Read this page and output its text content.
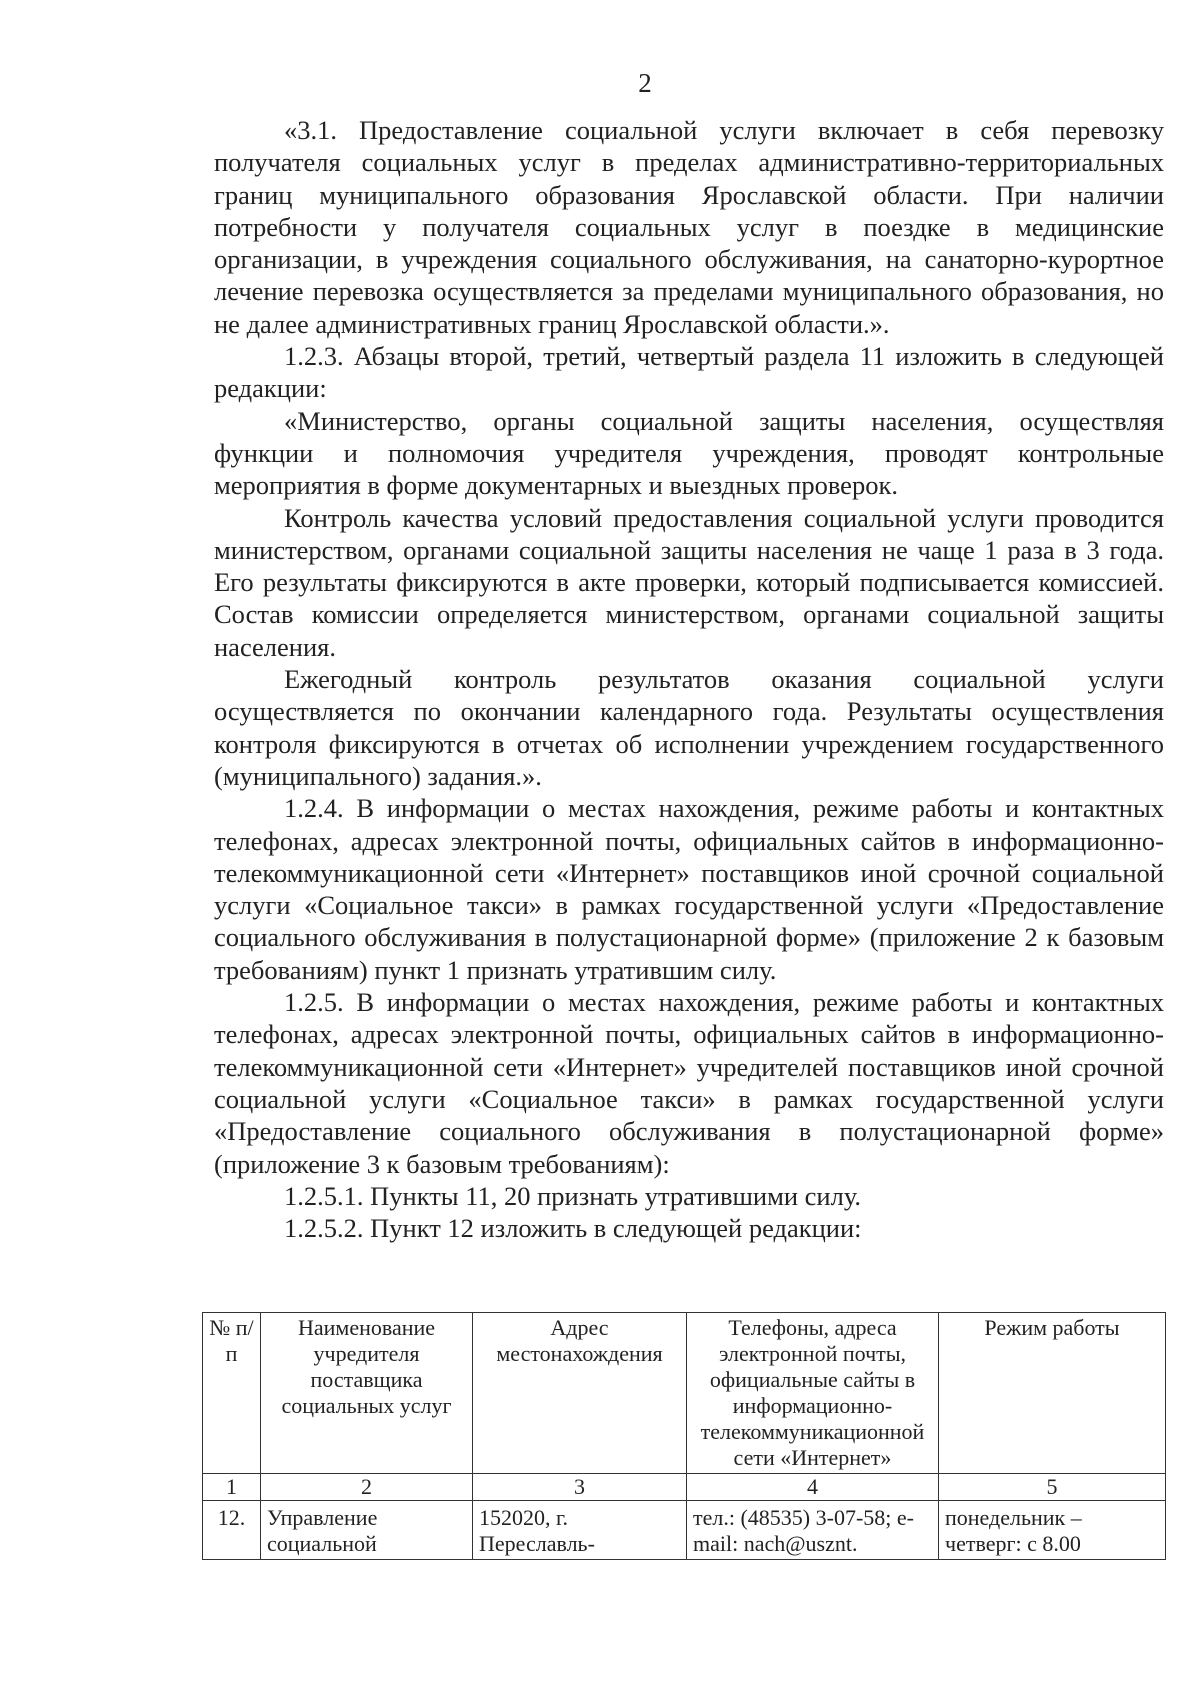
2

«3.1. Предоставление социальной услуги включает в себя перевозку получателя социальных услуг в пределах административно-территориальных границ муниципального образования Ярославской области. При наличии потребности у получателя социальных услуг в поездке в медицинские организации, в учреждения социального обслуживания, на санаторно-курортное лечение перевозка осуществляется за пределами муниципального образования, но не далее административных границ Ярославской области.».

1.2.3. Абзацы второй, третий, четвертый раздела 11 изложить в следующей редакции:

«Министерство, органы социальной защиты населения, осуществляя функции и полномочия учредителя учреждения, проводят контрольные мероприятия в форме документарных и выездных проверок.

Контроль качества условий предоставления социальной услуги проводится министерством, органами социальной защиты населения не чаще 1 раза в 3 года. Его результаты фиксируются в акте проверки, который подписывается комиссией. Состав комиссии определяется министерством, органами социальной защиты населения.

Ежегодный контроль результатов оказания социальной услуги осуществляется по окончании календарного года. Результаты осуществления контроля фиксируются в отчетах об исполнении учреждением государственного (муниципального) задания.».

1.2.4. В информации о местах нахождения, режиме работы и контактных телефонах, адресах электронной почты, официальных сайтов в информационно-телекоммуникационной сети «Интернет» поставщиков иной срочной социальной услуги «Социальное такси» в рамках государственной услуги «Предоставление социального обслуживания в полустационарной форме» (приложение 2 к базовым требованиям) пункт 1 признать утратившим силу.

1.2.5. В информации о местах нахождения, режиме работы и контактных телефонах, адресах электронной почты, официальных сайтов в информационно-телекоммуникационной сети «Интернет» учредителей поставщиков иной срочной социальной услуги «Социальное такси» в рамках государственной услуги «Предоставление социального обслуживания в полустационарной форме» (приложение 3 к базовым требованиям):

1.2.5.1. Пункты 11, 20 признать утратившими силу.

1.2.5.2. Пункт 12 изложить в следующей редакции:

№ п/п	Наименование учредителя поставщика социальных услуг	Адрес местонахождения	Телефоны, адреса электронной почты, официальные сайты в информационно-телекоммуникационной сети «Интернет»	Режим работы

1	2	3	4	5
12.	Управление социальной	152020, г. Переславль-	тел.: (48535) 3-07-58; e-mail: nach@usznt.	понедельник – четверг: с 8.00
